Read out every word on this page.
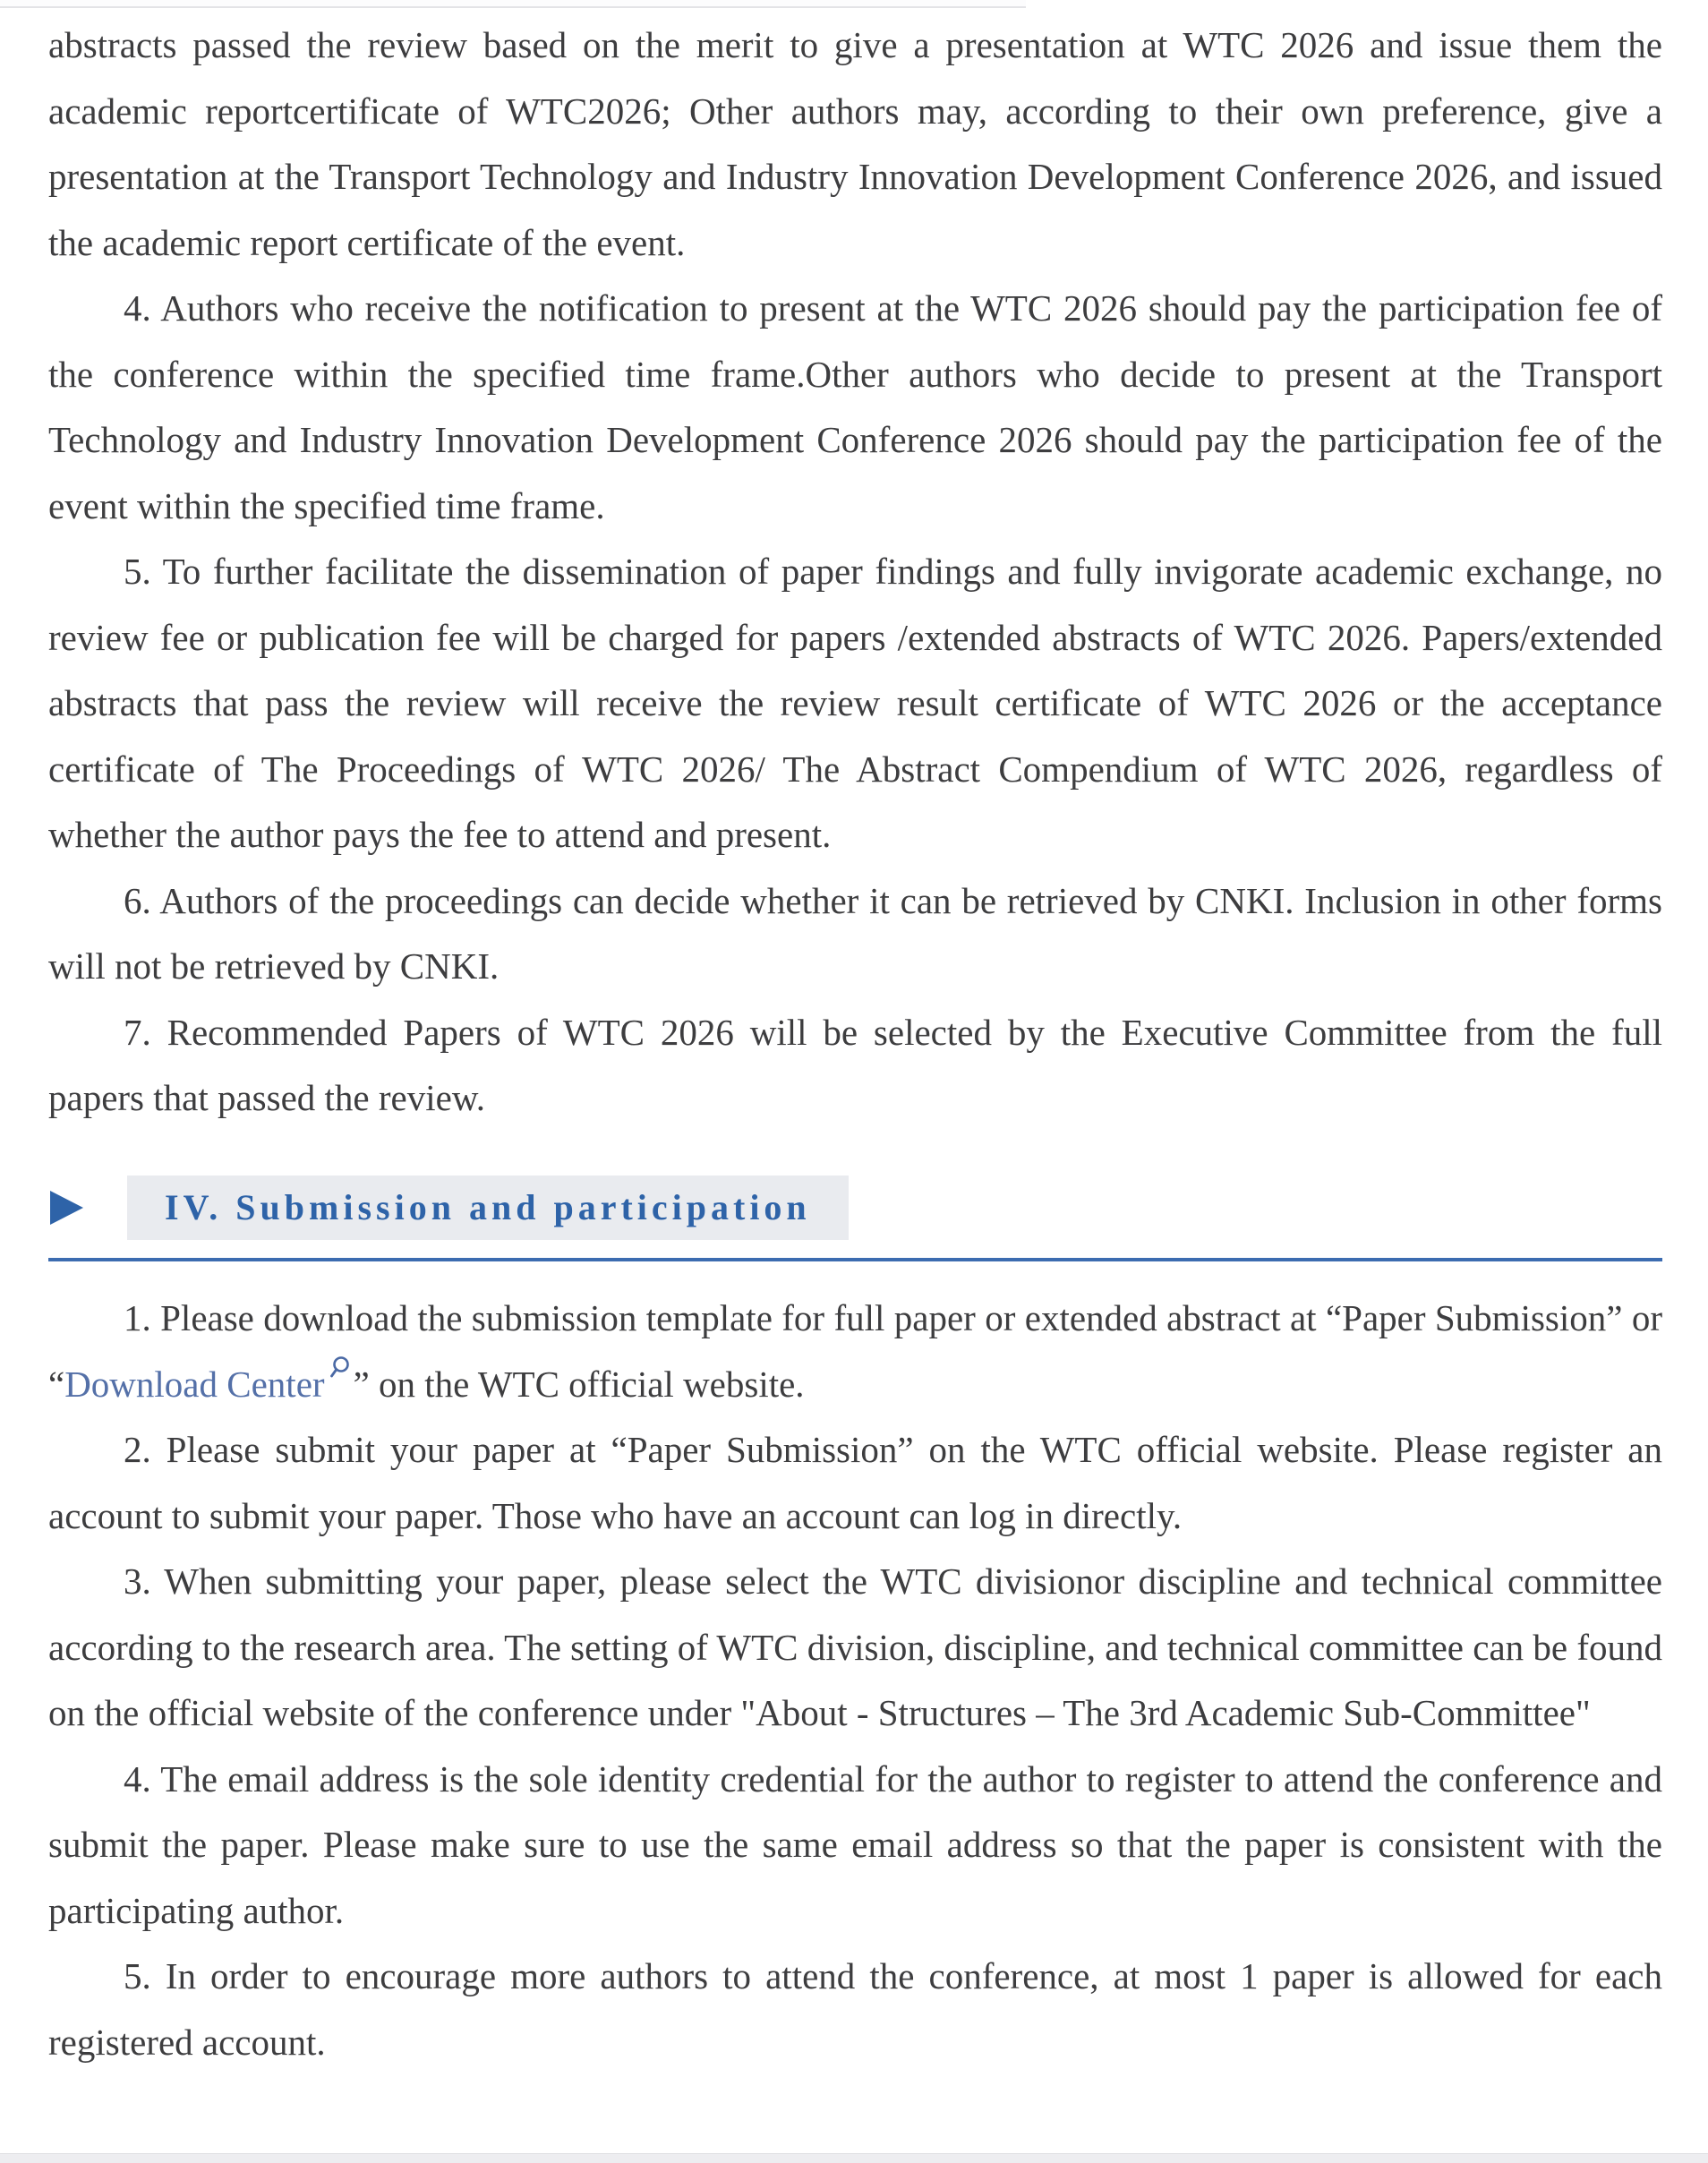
abstracts passed the review based on the merit to give a presentation at WTC 2026 and issue them the academic reportcertificate of WTC2026; Other authors may, according to their own preference, give a presentation at the Transport Technology and Industry Innovation Development Conference 2026, and issued the academic report certificate of the event.

4. Authors who receive the notification to present at the WTC 2026 should pay the participation fee of the conference within the specified time frame.Other authors who decide to present at the Transport Technology and Industry Innovation Development Conference 2026 should pay the participation fee of the event within the specified time frame.

5. To further facilitate the dissemination of paper findings and fully invigorate academic exchange, no review fee or publication fee will be charged for papers /extended abstracts of WTC 2026. Papers/extended abstracts that pass the review will receive the review result certificate of WTC 2026 or the acceptance certificate of The Proceedings of WTC 2026/ The Abstract Compendium of WTC 2026, regardless of whether the author pays the fee to attend and present.

6. Authors of the proceedings can decide whether it can be retrieved by CNKI. Inclusion in other forms will not be retrieved by CNKI.

7. Recommended Papers of WTC 2026 will be selected by the Executive Committee from the full papers that passed the review.

IV. Submission and participation

1. Please download the submission template for full paper or extended abstract at “Paper Submission” or “Download Center ” on the WTC official website.

2. Please submit your paper at “Paper Submission” on the WTC official website. Please register an account to submit your paper. Those who have an account can log in directly.

3. When submitting your paper, please select the WTC divisionor discipline and technical committee according to the research area. The setting of WTC division, discipline, and technical committee can be found on the official website of the conference under "About - Structures – The 3rd Academic Sub-Committee"

4. The email address is the sole identity credential for the author to register to attend the conference and submit the paper. Please make sure to use the same email address so that the paper is consistent with the participating author.

5. In order to encourage more authors to attend the conference, at most 1 paper is allowed for each registered account.
